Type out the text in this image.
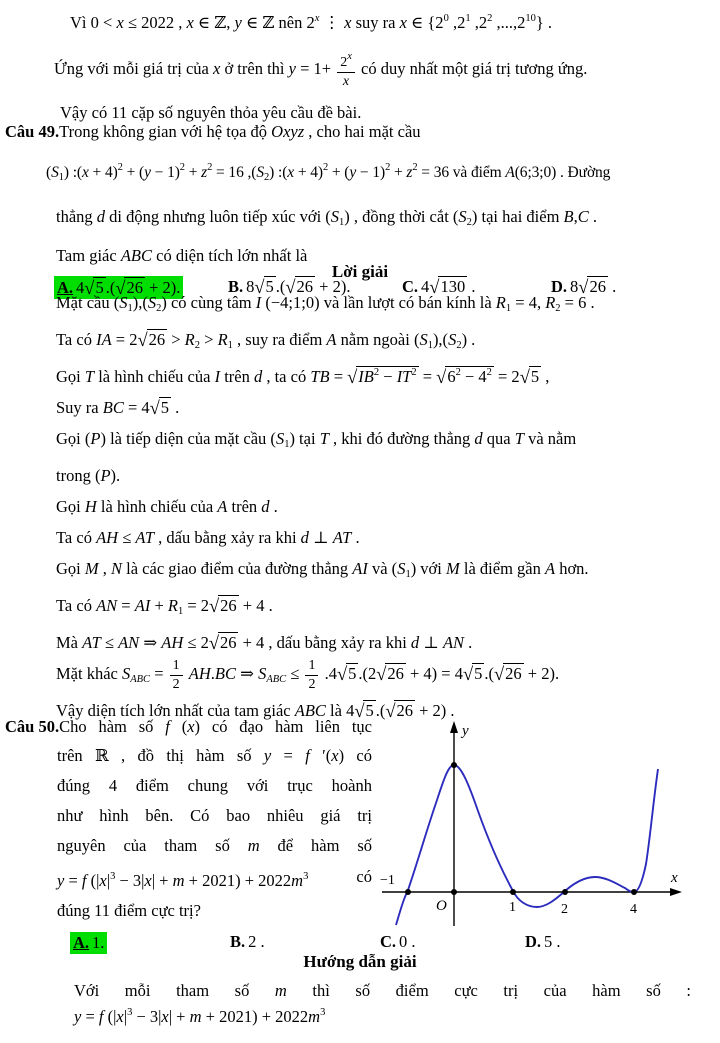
Vì 0 < x ≤ 2022 , x ∈ ℤ, y ∈ ℤ nên 2$^x$ ⋮ x suy ra x ∈ {$2^0$ $,2^1$ $,2^2$ ,...,2$^{10}$} .

Ứng với mỗi giá trị của x ở trên thì $y = 1+ \frac{2^x}{x}$ có duy nhất một giá trị tương ứng.

Vậy có 11 cặp số nguyên thỏa yêu cầu đề bài.

Câu 49. Trong không gian với hệ tọa độ Oxyz , cho hai mặt cầu

$(S_1)$ :(x + $4)^2 + (y - 1)^2 + z^2 = 16$ $,(S_2)$ :(x + $4)^2 + (y - 1)^2 + z^2 = 36$ và điểm A(6;3;0) . Đường

thẳng d di động nhưng luôn tiếp xúc với $(S_1)$ , đồng thời cắt $(S_2)$ tại hai điểm B,C .

Tam giác ABC có diện tích lớn nhất là

A. 4√5 .(√26 + 2).	B. 8√5 .(√26 + 2).	C. 4√130 .	D. 8√26 .
Lời giải

Mặt cầu $(S_1),(S_2)$ có cùng tâm I (−4;1;0) và lần lượt có bán kính là $R_1 = 4$, $R_2 = 6$ .

Ta có IA = $2√26 > R_2 > R_1$ , suy ra điểm A nằm ngoài $(S_1),(S_2)$ .

Gọi T là hình chiếu của I trên d , ta có TB = $√IB^2 - IT^2 = √6^2 - 4^2 = 2√5$ ,

Suy ra BC = 4√5 .

Gọi (P) là tiếp diện của mặt cầu $(S_1)$ tại T , khi đó đường thẳng d qua T và nằm

trong (P).

Gọi H là hình chiếu của A trên d .

Ta có AH ≤ AT , dấu bằng xảy ra khi d ⊥ AT .

Gọi M , N là các giao điểm của đường thẳng AI và $(S_1)$ với M là điểm gần A hơn.

Ta có AN = AI + $R_1 = 2√26 + 4$ .

Mà AT ≤ AN ⇒ AH ≤ 2√26 + 4 , dấu bằng xảy ra khi d ⊥ AN .

Mặt khác $S_{ABC} = \frac{1}{2} AH.BC$ ⇒ $S_{ABC} \le \frac{1}{2} .4√5$ .(2√26 + 4) = 4√5 .(√26 + 2).

Vậy diện tích lớn nhất của tam giác ABC là 4√5 .(√26 + 2) .

Câu 50. Cho hàm số f (x) có đạo hàm liên tục
trên ℝ , đồ thị hàm số y = f ′(x) có
đúng 4 điểm chung với trục hoành
như hình bên. Có bao nhiêu giá trị
nguyên của tham số m để hàm số
y = f $(|x|^3 - 3|x| + m + 2021) + 2022m^3$	có
đúng 11 điểm cực trị?
y
x
O
−1
1	2	4
A. 1.	B. 2 .	C. 0 .	D. 5 .
Hướng dẫn giải
Với mỗi tham số m thì số điểm cực trị của hàm số :
y = f $(|x|^3 - 3|x| + m + 2021) + 2022m^3$
